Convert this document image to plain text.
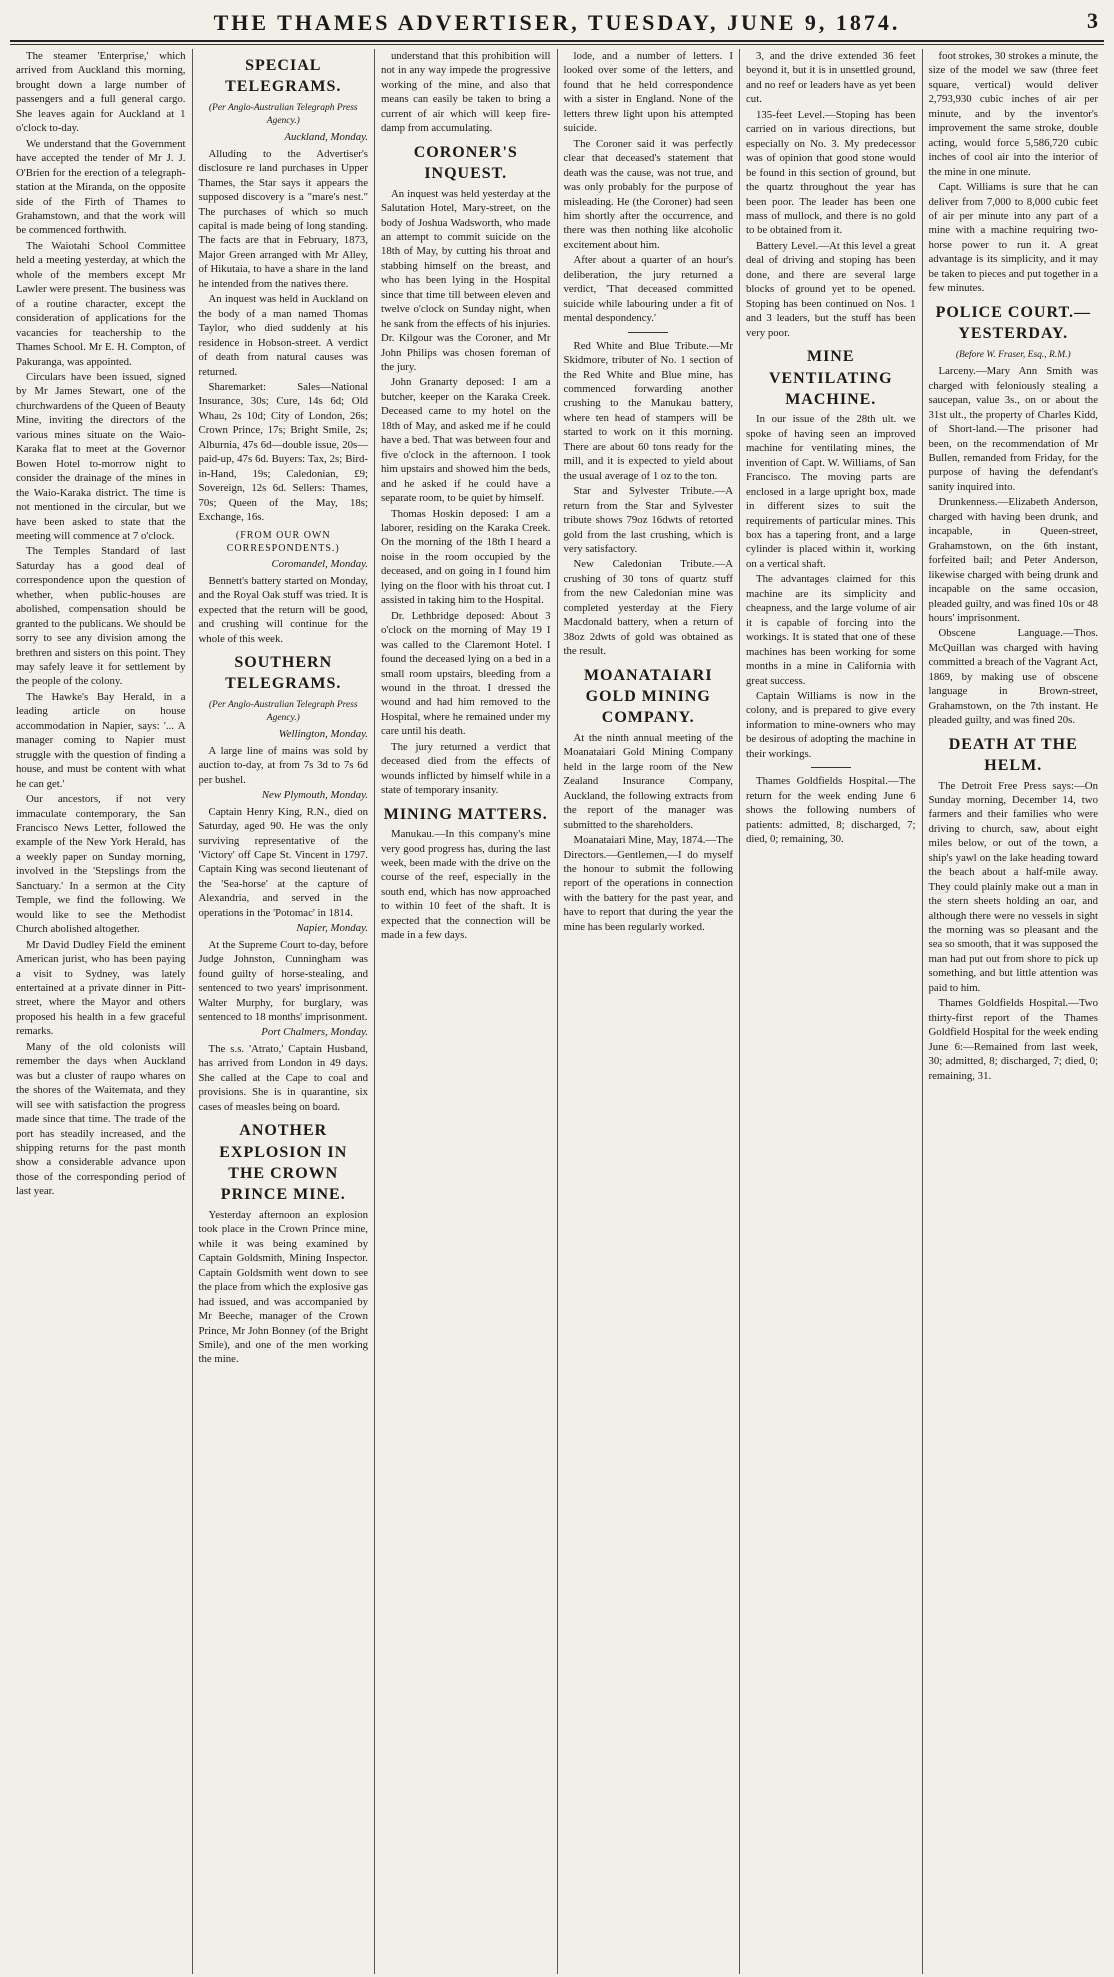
THE THAMES ADVERTISER, TUESDAY, JUNE 9, 1874.	3

The steamer 'Enterprise,' which arrived from Auckland this morning, brought down a large number of passengers and a full general cargo. She leaves again for Auckland at 1 o'clock to-day.

We understand that the Government have accepted the tender of Mr J. J. O'Brien for the erection of a telegraph-station at the Miranda, on the opposite side of the Firth of Thames to Grahamstown, and that the work will be commenced forthwith.

The Waiotahi School Committee held a meeting yesterday, at which the whole of the members except Mr Lawler were present. The business was of a routine character, except the consideration of applications for the vacancies for teachership to the Thames School. Mr E. H. Compton, of Pakuranga, was appointed.

Circulars have been issued, signed by Mr James Stewart, one of the churchwardens of the Queen of Beauty Mine, inviting the directors of the various mines situate on the Waio-Karaka flat to meet at the Governor Bowen Hotel to-morrow night to consider the drainage of the mines in the Waio-Karaka district. The time is not mentioned in the circular, but we have been asked to state that the meeting will commence at 7 o'clock.

The Temples Standard of last Saturday has a good deal of correspondence upon the question of whether, when public-houses are abolished, compensation should be granted to the publicans. We should be sorry to see any division among the brethren and sisters on this point. They may safely leave it for settlement by the people of the colony.

The Hawke's Bay Herald, in a leading article on house accommodation in Napier, says: '... A manager coming to Napier must struggle with the question of finding a house, and must be content with what he can get.'

Our ancestors, if not very immaculate contemporary, the San Francisco News Letter, followed the example of the New York Herald, has a weekly paper on Sunday morning, involved in the 'Stepslings from the Sanctuary.' In a sermon at the City Temple, we find the following. We would like to see the Methodist Church abolished altogether.

Mr David Dudley Field the eminent American jurist, who has been paying a visit to Sydney, was lately entertained at a private dinner in Pitt-street, where the Mayor and others proposed his health in a few graceful remarks.

Many of the old colonists will remember the days when Auckland was but a cluster of raupo whares on the shores of the Waitemata, and they will see with satisfaction the progress made since that time. The trade of the port has steadily increased, and the shipping returns for the past month show a considerable advance upon those of the corresponding period of last year.

SPECIAL TELEGRAMS.
(Per Anglo-Australian Telegraph Press Agency.)
Auckland, Monday.

Alluding to the Advertiser's disclosure re land purchases in Upper Thames, the Star says it appears the supposed discovery is a "mare's nest." The purchases of which so much capital is made being of long standing. The facts are that in February, 1873, Major Green arranged with Mr Alley, of Hikutaia, to have a share in the land he intended from the natives there.

An inquest was held in Auckland on the body of a man named Thomas Taylor, who died suddenly at his residence in Hobson-street. A verdict of death from natural causes was returned.

Sharemarket: Sales—National Insurance, 30s; Cure, 14s 6d; Old Whau, 2s 10d; City of London, 26s; Crown Prince, 17s; Bright Smile, 2s; Alburnia, 47s 6d—double issue, 20s—paid-up, 47s 6d. Buyers: Tax, 2s; Bird-in-Hand, 19s; Caledonian, £9; Sovereign, 12s 6d. Sellers: Thames, 70s; Queen of the May, 18s; Exchange, 16s.

(FROM OUR OWN CORRESPONDENTS.)
Coromandel, Monday.

Bennett's battery started on Monday, and the Royal Oak stuff was tried. It is expected that the return will be good, and crushing will continue for the whole of this week.

SOUTHERN TELEGRAMS.
(Per Anglo-Australian Telegraph Press Agency.)
Wellington, Monday.

A large line of mains was sold by auction to-day, at from 7s 3d to 7s 6d per bushel.

New Plymouth, Monday.

Captain Henry King, R.N., died on Saturday, aged 90. He was the only surviving representative of the 'Victory' off Cape St. Vincent in 1797. Captain King was second lieutenant of the 'Sea-horse' at the capture of Alexandria, and served in the operations in the 'Potomac' in 1814.

Napier, Monday.

At the Supreme Court to-day, before Judge Johnston, Cunningham was found guilty of horse-stealing, and sentenced to two years' imprisonment. Walter Murphy, for burglary, was sentenced to 18 months' imprisonment.

Port Chalmers, Monday.

The s.s. 'Atrato,' Captain Husband, has arrived from London in 49 days. She called at the Cape to coal and provisions. She is in quarantine, six cases of measles being on board.

ANOTHER EXPLOSION IN THE CROWN PRINCE MINE.

Yesterday afternoon an explosion took place in the Crown Prince mine, while it was being examined by Captain Goldsmith, Mining Inspector. Captain Goldsmith went down to see the place from which the explosive gas had issued, and was accompanied by Mr Beeche, manager of the Crown Prince, Mr John Bonney (of the Bright Smile), and one of the men working the mine.

understand that this prohibition will not in any way impede the progressive working of the mine, and also that means can easily be taken to bring a current of air which will keep fire-damp from accumulating.

CORONER'S INQUEST.

An inquest was held yesterday at the Salutation Hotel, Mary-street, on the body of Joshua Wadsworth, who made an attempt to commit suicide on the 18th of May, by cutting his throat and stabbing himself on the breast, and who has been lying in the Hospital since that time till between eleven and twelve o'clock on Sunday night, when he sank from the effects of his injuries. Dr. Kilgour was the Coroner, and Mr John Philips was chosen foreman of the jury.

John Granarty deposed: I am a butcher, keeper on the Karaka Creek. Deceased came to my hotel on the 18th of May, and asked me if he could have a bed. That was between four and five o'clock in the afternoon. I took him upstairs and showed him the beds, and he asked if he could have a separate room, to be quiet by himself.

Thomas Hoskin deposed: I am a laborer, residing on the Karaka Creek. On the morning of the 18th I heard a noise in the room occupied by the deceased, and on going in I found him lying on the floor with his throat cut. I assisted in taking him to the Hospital.

Dr. Lethbridge deposed: About 3 o'clock on the morning of May 19 I was called to the Claremont Hotel. I found the deceased lying on a bed in a small room upstairs, bleeding from a wound in the throat. I dressed the wound and had him removed to the Hospital, where he remained under my care until his death.

The jury returned a verdict that deceased died from the effects of wounds inflicted by himself while in a state of temporary insanity.

MINING MATTERS.

Manukau.—In this company's mine very good progress has, during the last week, been made with the drive on the course of the reef, especially in the south end, which has now approached to within 10 feet of the shaft. It is expected that the connection will be made in a few days.

lode, and a number of letters. I looked over some of the letters, and found that he held correspondence with a sister in England. None of the letters threw light upon his attempted suicide.

The Coroner said it was perfectly clear that deceased's statement that death was the cause, was not true, and was only probably for the purpose of misleading. He (the Coroner) had seen him shortly after the occurrence, and there was then nothing like alcoholic excitement about him.

After about a quarter of an hour's deliberation, the jury returned a verdict, 'That deceased committed suicide while labouring under a fit of mental despondency.'

Red White and Blue Tribute.—Mr Skidmore, tributer of No. 1 section of the Red White and Blue mine, has commenced forwarding another crushing to the Manukau battery, where ten head of stampers will be started to work on it this morning. There are about 60 tons ready for the mill, and it is expected to yield about the usual average of 1 oz to the ton.

Star and Sylvester Tribute.—A return from the Star and Sylvester tribute shows 79oz 16dwts of retorted gold from the last crushing, which is very satisfactory.

New Caledonian Tribute.—A crushing of 30 tons of quartz stuff from the new Caledonian mine was completed yesterday at the Fiery Macdonald battery, when a return of 38oz 2dwts of gold was obtained as the result.

MOANATAIARI GOLD MINING COMPANY.

At the ninth annual meeting of the Moanataiari Gold Mining Company held in the large room of the New Zealand Insurance Company, Auckland, the following extracts from the report of the manager was submitted to the shareholders.

Moanataiari Mine, May, 1874.—The Directors.—Gentlemen,—I do myself the honour to submit the following report of the operations in connection with the battery for the past year, and have to report that during the year the mine has been regularly worked.

3, and the drive extended 36 feet beyond it, but it is in unsettled ground, and no reef or leaders have as yet been cut.

135-feet Level.—Stoping has been carried on in various directions, but especially on No. 3. My predecessor was of opinion that good stone would be found in this section of ground, but the quartz throughout the year has been poor. The leader has been one mass of mullock, and there is no gold to be obtained from it.

Battery Level.—At this level a great deal of driving and stoping has been done, and there are several large blocks of ground yet to be opened. Stoping has been continued on Nos. 1 and 3 leaders, but the stuff has been very poor.

MINE VENTILATING MACHINE.

In our issue of the 28th ult. we spoke of having seen an improved machine for ventilating mines, the invention of Capt. W. Williams, of San Francisco. The moving parts are enclosed in a large upright box, made in different sizes to suit the requirements of particular mines. This box has a tapering front, and a large cylinder is placed within it, working on a vertical shaft.

The advantages claimed for this machine are its simplicity and cheapness, and the large volume of air it is capable of forcing into the workings. It is stated that one of these machines has been working for some months in a mine in California with great success.

Captain Williams is now in the colony, and is prepared to give every information to mine-owners who may be desirous of adopting the machine in their workings.

Thames Goldfields Hospital.—The return for the week ending June 6 shows the following numbers of patients: admitted, 8; discharged, 7; died, 0; remaining, 30.

foot strokes, 30 strokes a minute, the size of the model we saw (three feet square, vertical) would deliver 2,793,930 cubic inches of air per minute, and by the inventor's improvement the same stroke, double acting, would force 5,586,720 cubic inches of cool air into the interior of the mine in one minute.

Capt. Williams is sure that he can deliver from 7,000 to 8,000 cubic feet of air per minute into any part of a mine with a machine requiring two-horse power to run it. A great advantage is its simplicity, and it may be taken to pieces and put together in a few minutes.

POLICE COURT.—YESTERDAY.
(Before W. Fraser, Esq., R.M.)

Larceny.—Mary Ann Smith was charged with feloniously stealing a saucepan, value 3s., on or about the 31st ult., the property of Charles Kidd, of Short-land.—The prisoner had been, on the recommendation of Mr Bullen, remanded from Friday, for the purpose of having the defendant's sanity inquired into.

Drunkenness.—Elizabeth Anderson, charged with having been drunk, and incapable, in Queen-street, Grahamstown, on the 6th instant, forfeited bail; and Peter Anderson, likewise charged with being drunk and incapable on the same occasion, pleaded guilty, and was fined 10s or 48 hours' imprisonment.

Obscene Language.—Thos. McQuillan was charged with having committed a breach of the Vagrant Act, 1869, by making use of obscene language in Brown-street, Grahamstown, on the 7th instant. He pleaded guilty, and was fined 20s.

DEATH AT THE HELM.

The Detroit Free Press says:—On Sunday morning, December 14, two farmers and their families who were driving to church, saw, about eight miles below, or out of the town, a ship's yawl on the lake heading toward the beach about a half-mile away. They could plainly make out a man in the stern sheets holding an oar, and although there were no vessels in sight the morning was so pleasant and the sea so smooth, that it was supposed the man had put out from shore to pick up something, and but little attention was paid to him.

Thames Goldfields Hospital.—Two thirty-first report of the Thames Goldfield Hospital for the week ending June 6:—Remained from last week, 30; admitted, 8; discharged, 7; died, 0; remaining, 31.
